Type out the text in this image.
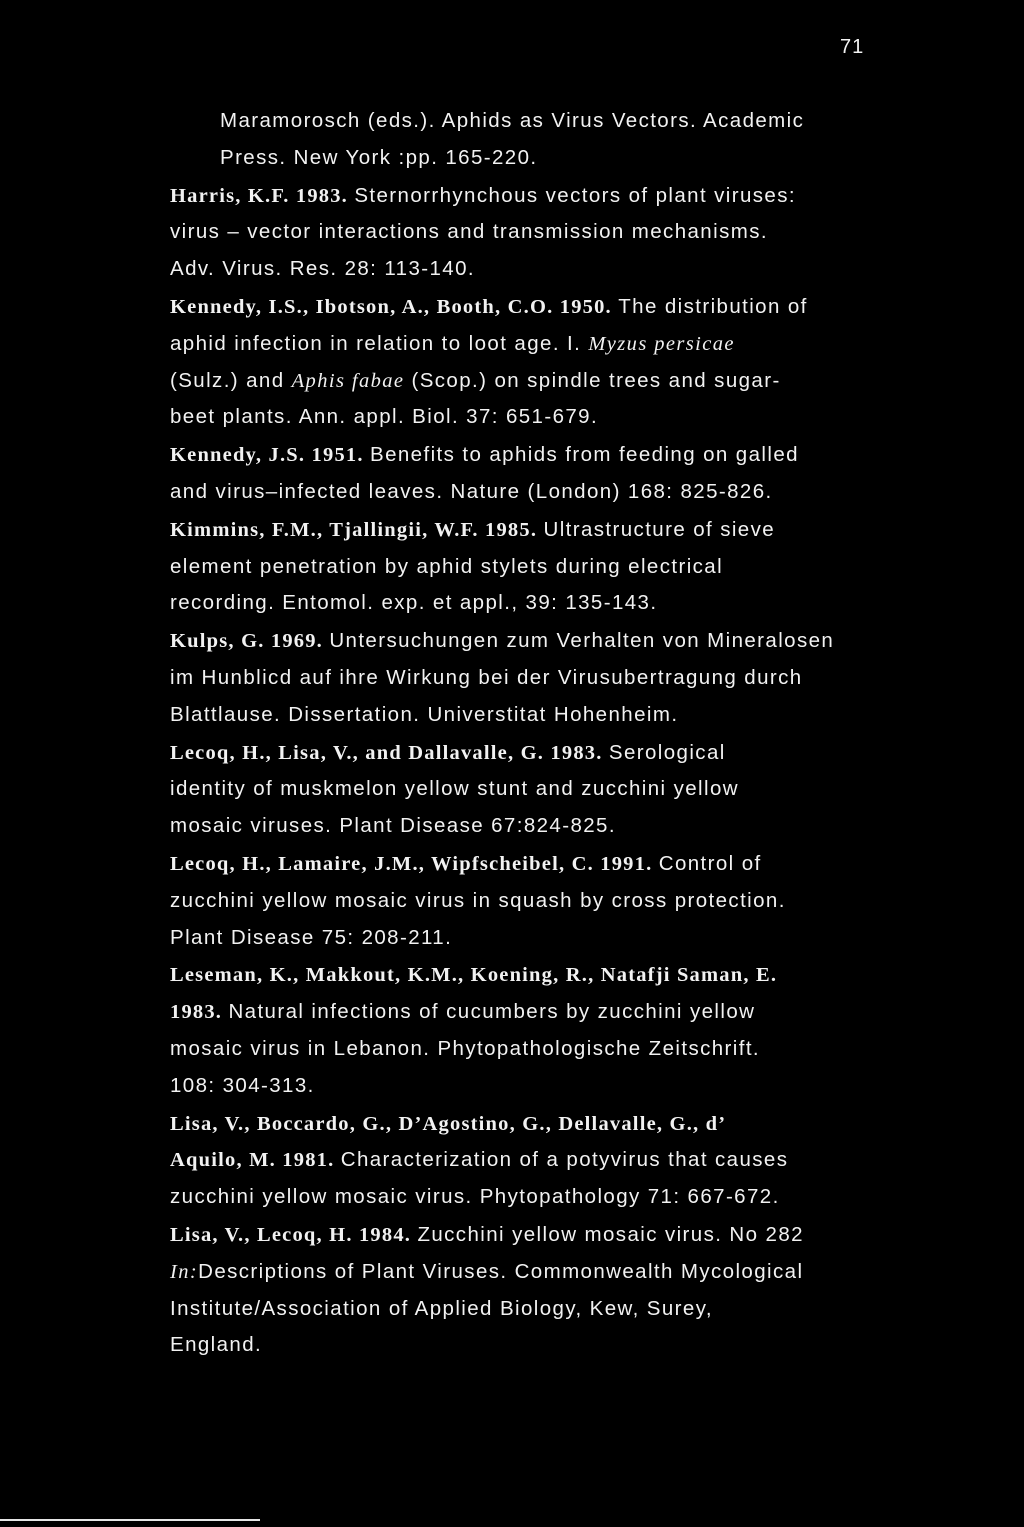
71
Maramorosch (eds.). Aphids as Virus Vectors. Academic
Press. New York :pp. 165-220.
Harris, K.F. 1983. Sternorrhynchous vectors of plant viruses:
virus – vector interactions and transmission mechanisms.
Adv. Virus. Res. 28: 113-140.
Kennedy, I.S., Ibotson, A., Booth, C.O. 1950. The distribution of
aphid infection in relation to loot age. I. Myzus persicae
(Sulz.) and Aphis fabae (Scop.) on spindle trees and sugar-
beet plants. Ann. appl. Biol. 37: 651-679.
Kennedy, J.S. 1951. Benefits to aphids from feeding on galled
and virus–infected leaves. Nature (London) 168: 825-826.
Kimmins, F.M., Tjallingii, W.F. 1985. Ultrastructure of sieve
element penetration by aphid stylets during electrical
recording. Entomol. exp. et appl., 39: 135-143.
Kulps, G. 1969. Untersuchungen zum Verhalten von Mineralosen
im Hunblicd auf ihre Wirkung bei der Virusubertragung durch
Blattlause. Dissertation. Universtitat Hohenheim.
Lecoq, H., Lisa, V., and Dallavalle, G. 1983. Serological
identity of muskmelon yellow stunt and zucchini yellow
mosaic viruses. Plant Disease 67:824-825.
Lecoq, H., Lamaire, J.M., Wipfscheibel, C. 1991. Control of
zucchini yellow mosaic virus in squash by cross protection.
Plant Disease 75: 208-211.
Leseman, K., Makkout, K.M., Koening, R., Natafji Saman, E.
1983. Natural infections of cucumbers by zucchini yellow
mosaic virus in Lebanon. Phytopathologische Zeitschrift.
108: 304-313.
Lisa, V., Boccardo, G., D’Agostino, G., Dellavalle, G., d’
Aquilo, M. 1981. Characterization of a potyvirus that causes
zucchini yellow mosaic virus. Phytopathology 71: 667-672.
Lisa, V., Lecoq, H. 1984. Zucchini yellow mosaic virus. No 282
In:Descriptions of Plant Viruses. Commonwealth Mycological
Institute/Association of Applied Biology, Kew, Surey,
England.
